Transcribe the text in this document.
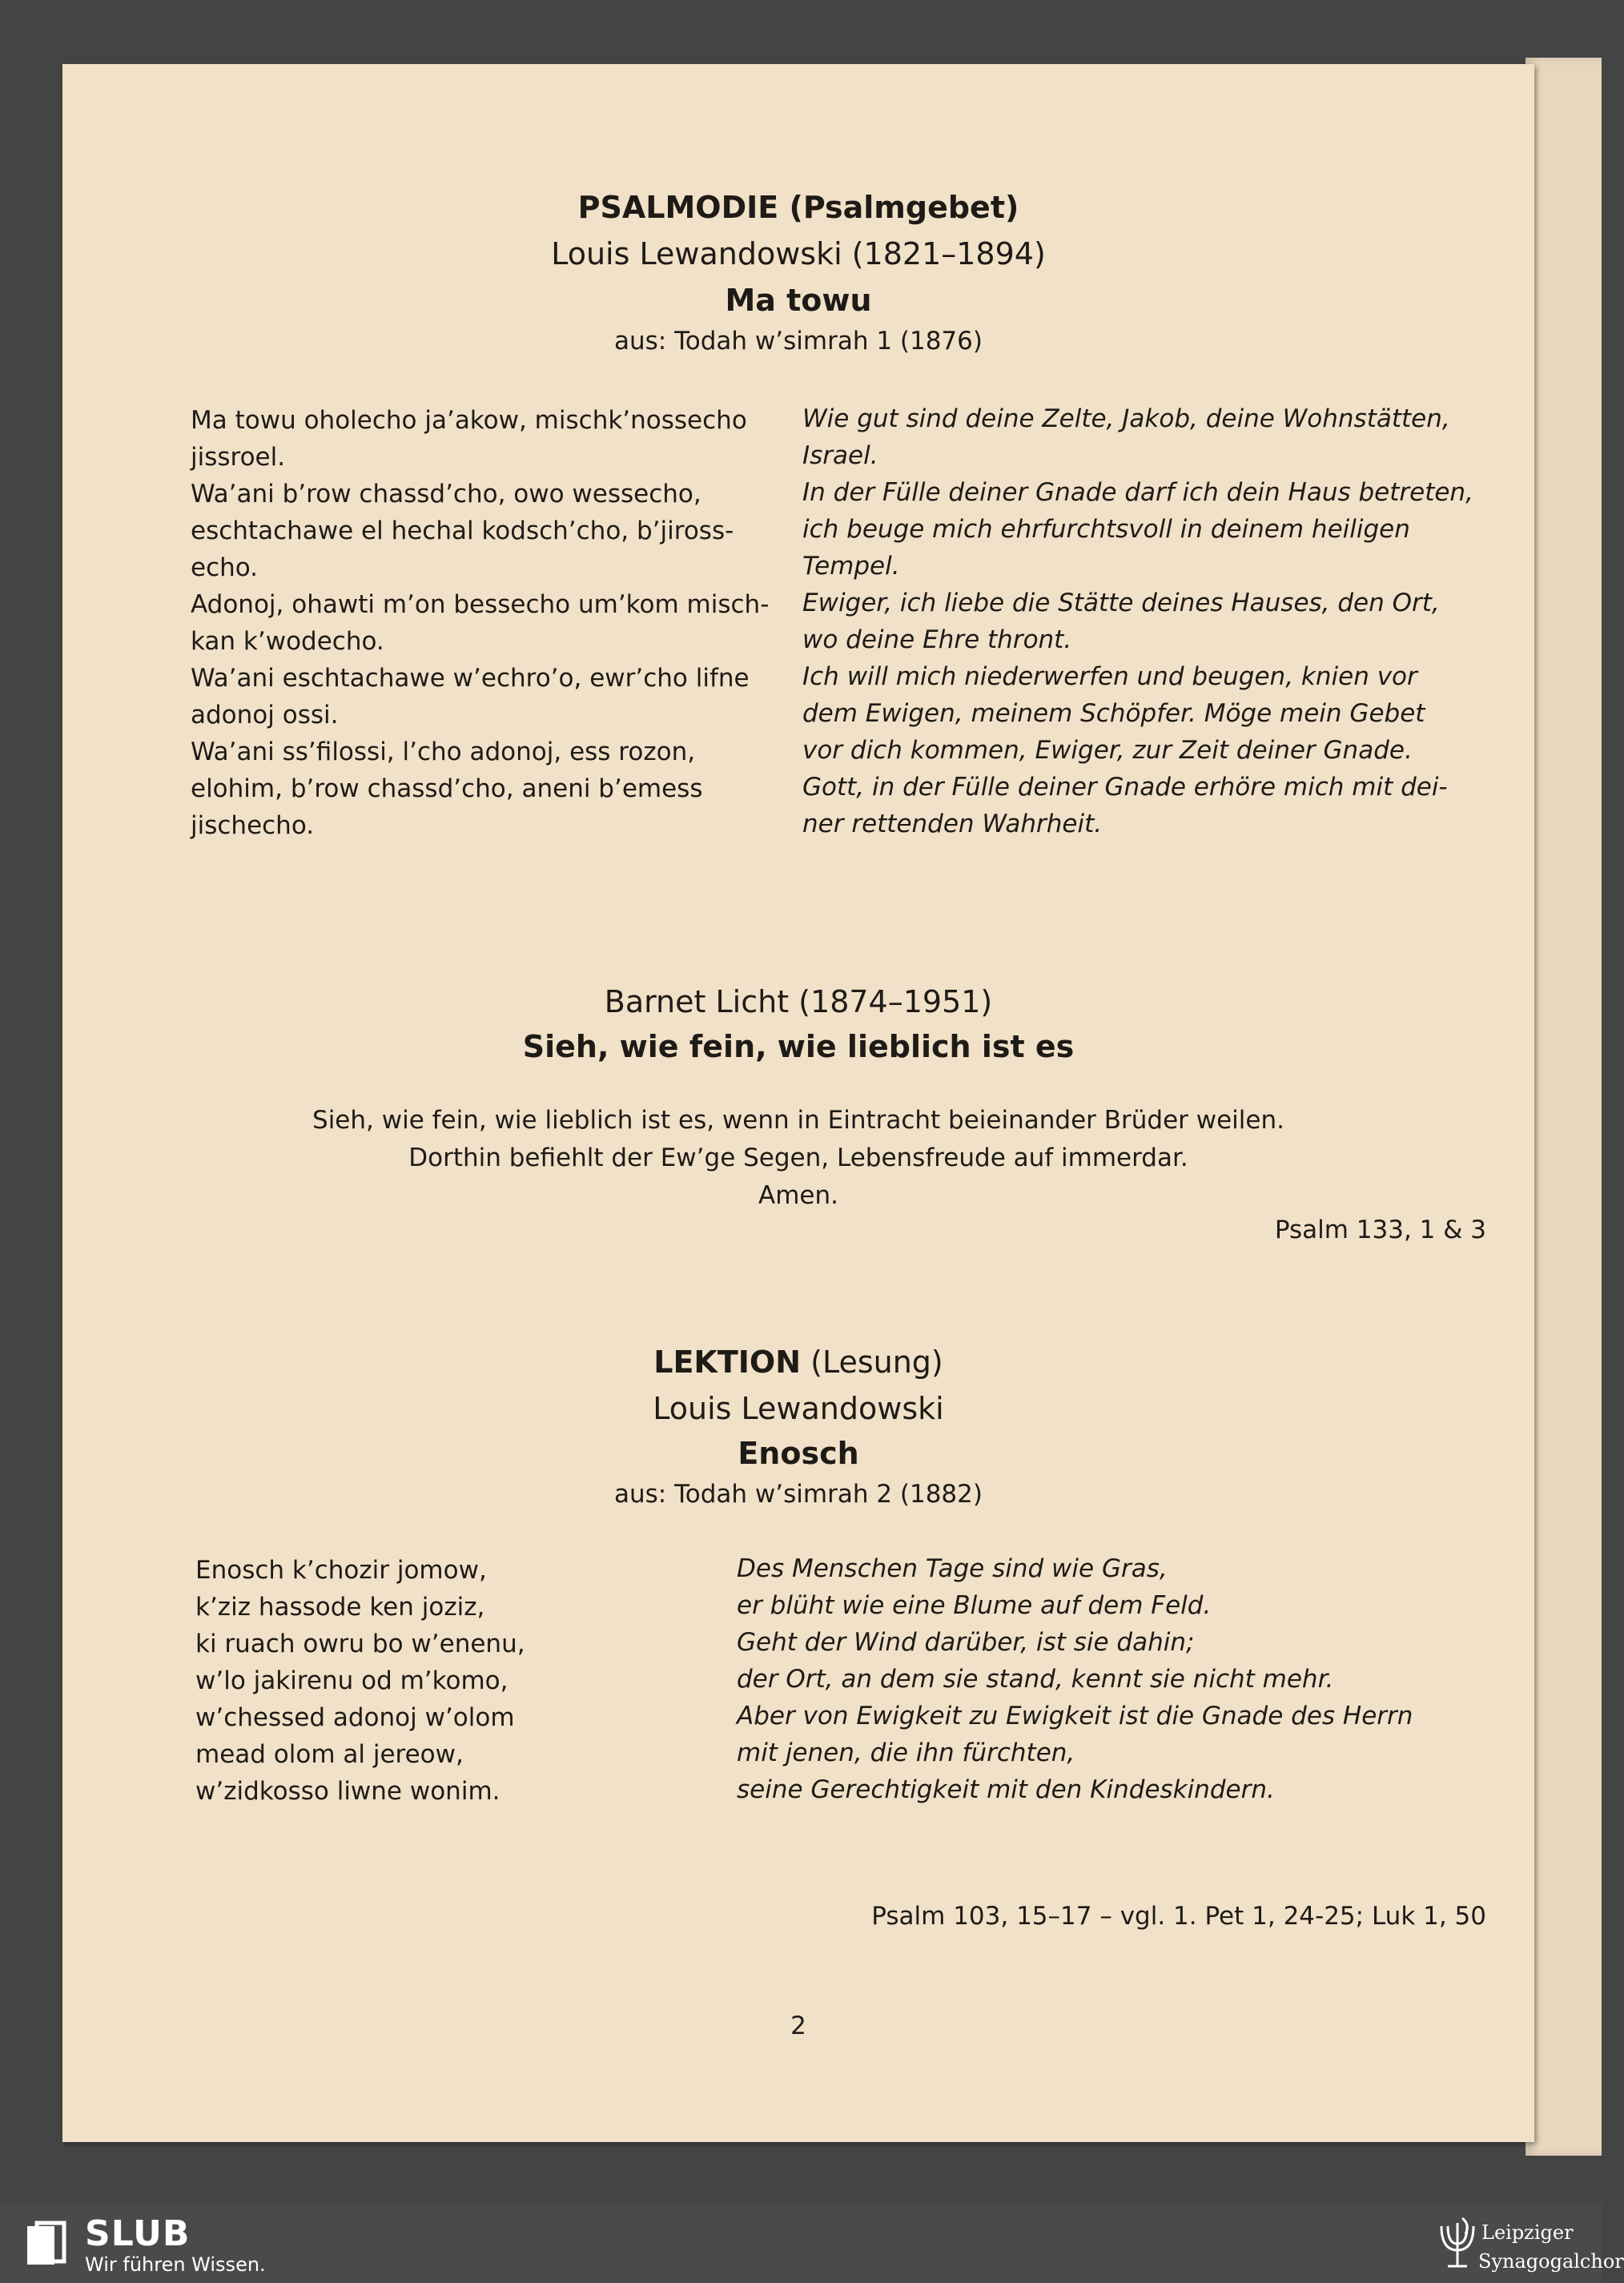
PSALMODIE (Psalmgebet)
Louis Lewandowski (1821–1894)
Ma towu
aus: Todah w’simrah 1 (1876)
Ma towu oholecho ja’akow, mischk’nossecho
jissroel.
Wa’ani b’row chassd’cho, owo wessecho,
eschtachawe el hechal kodsch’cho, b’jiross-
echo.
Adonoj, ohawti m’on bessecho um’kom misch-
kan k’wodecho.
Wa’ani eschtachawe w’echro’o, ewr’cho lifne
adonoj ossi.
Wa’ani ss’filossi, l’cho adonoj, ess rozon,
elohim, b’row chassd’cho, aneni b’emess
jischecho.
Wie gut sind deine Zelte, Jakob, deine Wohnstätten,
Israel.
In der Fülle deiner Gnade darf ich dein Haus betreten,
ich beuge mich ehrfurchtsvoll in deinem heiligen
Tempel.
Ewiger, ich liebe die Stätte deines Hauses, den Ort,
wo deine Ehre thront.
Ich will mich niederwerfen und beugen, knien vor
dem Ewigen, meinem Schöpfer. Möge mein Gebet
vor dich kommen, Ewiger, zur Zeit deiner Gnade.
Gott, in der Fülle deiner Gnade erhöre mich mit dei-
ner rettenden Wahrheit.
Barnet Licht (1874–1951)
Sieh, wie fein, wie lieblich ist es
Sieh, wie fein, wie lieblich ist es, wenn in Eintracht beieinander Brüder weilen.
Dorthin befiehlt der Ew’ge Segen, Lebensfreude auf immerdar.
Amen.
Psalm 133, 1 & 3
LEKTION (Lesung)
Louis Lewandowski
Enosch
aus: Todah w’simrah 2 (1882)
Enosch k’chozir jomow,
k’ziz hassode ken joziz,
ki ruach owru bo w’enenu,
w’lo jakirenu od m’komo,
w’chessed adonoj w’olom
mead olom al jereow,
w’zidkosso liwne wonim.
Des Menschen Tage sind wie Gras,
er blüht wie eine Blume auf dem Feld.
Geht der Wind darüber, ist sie dahin;
der Ort, an dem sie stand, kennt sie nicht mehr.
Aber von Ewigkeit zu Ewigkeit ist die Gnade des Herrn
mit jenen, die ihn fürchten,
seine Gerechtigkeit mit den Kindeskindern.
Psalm 103, 15–17 – vgl. 1. Pet 1, 24-25; Luk 1, 50
2
SLUB
Wir führen Wissen.
Leipziger
Synagogalchor
